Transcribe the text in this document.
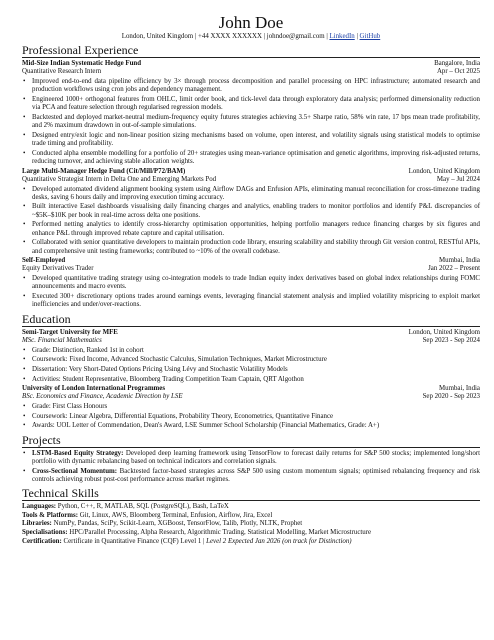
John Doe
London, United Kingdom | +44 XXXX XXXXXX | johndoe@gmail.com | LinkedIn | GitHub
Professional Experience
Mid-Size Indian Systematic Hedge Fund	Bangalore, India
Quantitative Research Intern	Apr – Oct 2025
• Improved end-to-end data pipeline efficiency by 3× through process decomposition and parallel processing on HPC infrastructure; automated research and production workflows using cron jobs and dependency management.
• Engineered 1000+ orthogonal features from OHLC, limit order book, and tick-level data through exploratory data analysis; performed dimensionality reduction via PCA and feature selection through regularised regression models.
• Backtested and deployed market-neutral medium-frequency equity futures strategies achieving 3.5+ Sharpe ratio, 58% win rate, 17 bps mean trade profitability, and 2% maximum drawdown in out-of-sample simulations.
• Designed entry/exit logic and non-linear position sizing mechanisms based on volume, open interest, and volatility signals using statistical models to optimise trade timing and profitability.
• Conducted alpha ensemble modelling for a portfolio of 20+ strategies using mean-variance optimisation and genetic algorithms, improving risk-adjusted returns, reducing turnover, and achieving stable allocation weights.
Large Multi-Manager Hedge Fund (Cit/Mill/P72/BAM)	London, United Kingdom
Quantitative Strategist Intern in Delta One and Emerging Markets Pod	May – Jul 2024
• Developed automated dividend alignment booking system using Airflow DAGs and Enfusion APIs, eliminating manual reconciliation for cross-timezone trading desks, saving 6 hours daily and improving execution timing accuracy.
• Built interactive Easel dashboards visualising daily financing charges and analytics, enabling traders to monitor portfolios and identify P&L discrepancies of ~$5K–$10K per book in real-time across delta one positions.
• Performed netting analytics to identify cross-hierarchy optimisation opportunities, helping portfolio managers reduce financing charges by six figures and enhance P&L through improved rebate capture and capital utilisation.
• Collaborated with senior quantitative developers to maintain production code library, ensuring scalability and stability through Git version control, RESTful APIs, and comprehensive unit testing frameworks; contributed to ~10% of the overall codebase.
Self-Employed	Mumbai, India
Equity Derivatives Trader	Jan 2022 – Present
• Developed quantitative trading strategy using co-integration models to trade Indian equity index derivatives based on global index relationships during FOMC announcements and macro events.
• Executed 300+ discretionary options trades around earnings events, leveraging financial statement analysis and implied volatility mispricing to exploit market inefficiencies and under/over-reactions.
Education
Semi-Target University for MFE	London, United Kingdom
MSc. Financial Mathematics	Sep 2023 - Sep 2024
• Grade: Distinction, Ranked 1st in cohort
• Coursework: Fixed Income, Advanced Stochastic Calculus, Simulation Techniques, Market Microstructure
• Dissertation: Very Short-Dated Options Pricing Using Lévy and Stochastic Volatility Models
• Activities: Student Representative, Bloomberg Trading Competition Team Captain, QRT Algothon
University of London International Programmes	Mumbai, India
BSc. Economics and Finance, Academic Direction by LSE	Sep 2020 - Sep 2023
• Grade: First Class Honours
• Coursework: Linear Algebra, Differential Equations, Probability Theory, Econometrics, Quantitative Finance
• Awards: UOL Letter of Commendation, Dean's Award, LSE Summer School Scholarship (Financial Mathematics, Grade: A+)
Projects
• LSTM-Based Equity Strategy: Developed deep learning framework using TensorFlow to forecast daily returns for S&P 500 stocks; implemented long/short portfolio with dynamic rebalancing based on technical indicators and correlation signals.
• Cross-Sectional Momentum: Backtested factor-based strategies across S&P 500 using custom momentum signals; optimised rebalancing frequency and risk controls achieving robust post-cost performance across market regimes.
Technical Skills
Languages: Python, C++, R, MATLAB, SQL (PostgreSQL), Bash, LaTeX
Tools & Platforms: Git, Linux, AWS, Bloomberg Terminal, Enfusion, Airflow, Jira, Excel
Libraries: NumPy, Pandas, SciPy, Scikit-Learn, XGBoost, TensorFlow, Talib, Plotly, NLTK, Prophet
Specialisations: HPC/Parallel Processing, Alpha Research, Algorithmic Trading, Statistical Modelling, Market Microstructure
Certification: Certificate in Quantitative Finance (CQF) Level 1 | Level 2 Expected Jan 2026 (on track for Distinction)
